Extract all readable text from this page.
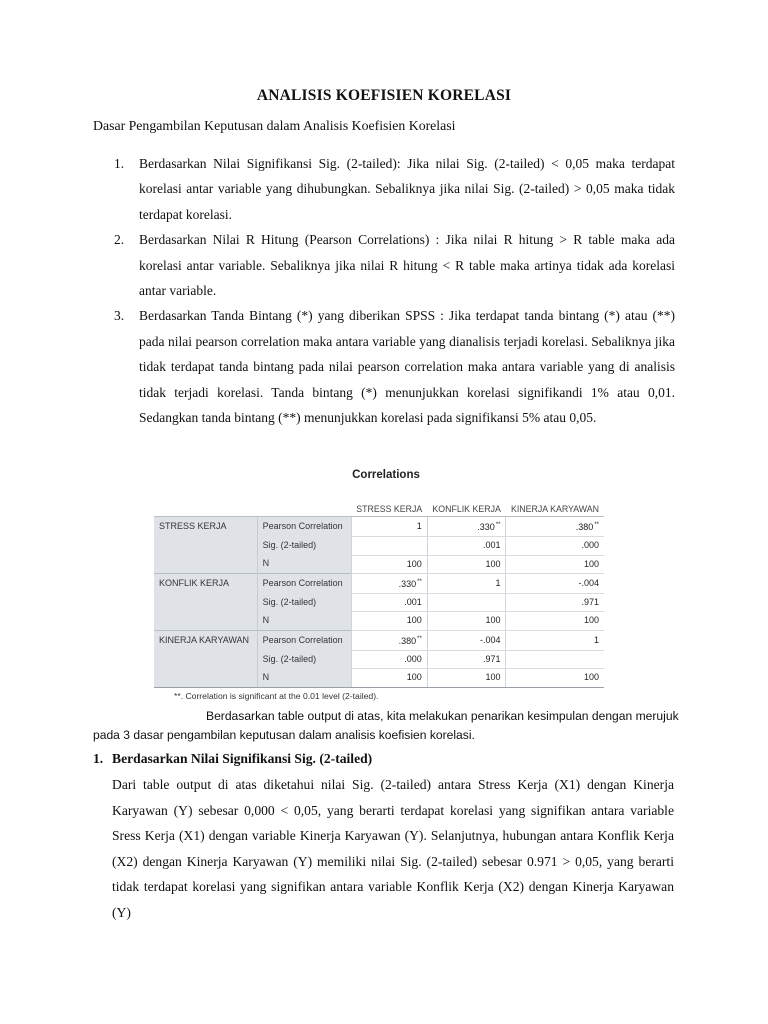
ANALISIS KOEFISIEN KORELASI
Dasar Pengambilan Keputusan dalam Analisis Koefisien Korelasi
1. Berdasarkan Nilai Signifikansi Sig. (2-tailed): Jika nilai Sig. (2-tailed) < 0,05 maka terdapat korelasi antar variable yang dihubungkan. Sebaliknya jika nilai Sig. (2-tailed) > 0,05 maka tidak terdapat korelasi.
2. Berdasarkan Nilai R Hitung (Pearson Correlations) : Jika nilai R hitung > R table maka ada korelasi antar variable. Sebaliknya jika nilai R hitung < R table maka artinya tidak ada korelasi antar variable.
3. Berdasarkan Tanda Bintang (*) yang diberikan SPSS : Jika terdapat tanda bintang (*) atau (**) pada nilai pearson correlation maka antara variable yang dianalisis terjadi korelasi. Sebaliknya jika tidak terdapat tanda bintang pada nilai pearson correlation maka antara variable yang di analisis tidak terjadi korelasi. Tanda bintang (*) menunjukkan korelasi signifikandi 1% atau 0,01. Sedangkan tanda bintang (**) menunjukkan korelasi pada signifikansi 5% atau 0,05.
Correlations
		STRESS KERJA	KONFLIK KERJA	KINERJA KARYAWAN
STRESS KERJA	Pearson Correlation	1	.330**	.380**
	Sig. (2-tailed)		.001	.000
	N	100	100	100
KONFLIK KERJA	Pearson Correlation	.330**	1	-.004
	Sig. (2-tailed)	.001		.971
	N	100	100	100
KINERJA KARYAWAN	Pearson Correlation	.380**	-.004	1
	Sig. (2-tailed)	.000	.971	
	N	100	100	100
**. Correlation is significant at the 0.01 level (2-tailed).
Berdasarkan table output di atas, kita melakukan penarikan kesimpulan dengan merujuk pada 3 dasar pengambilan keputusan dalam analisis koefisien korelasi.
1. Berdasarkan Nilai Signifikansi Sig. (2-tailed)
Dari table output di atas diketahui nilai Sig. (2-tailed) antara Stress Kerja (X1) dengan Kinerja Karyawan (Y) sebesar 0,000 < 0,05, yang berarti terdapat korelasi yang signifikan antara variable Sress Kerja (X1) dengan variable Kinerja Karyawan (Y). Selanjutnya, hubungan antara Konflik Kerja (X2) dengan Kinerja Karyawan (Y) memiliki nilai Sig. (2-tailed) sebesar 0.971 > 0,05, yang berarti tidak terdapat korelasi yang signifikan antara variable Konflik Kerja (X2) dengan Kinerja Karyawan (Y)
